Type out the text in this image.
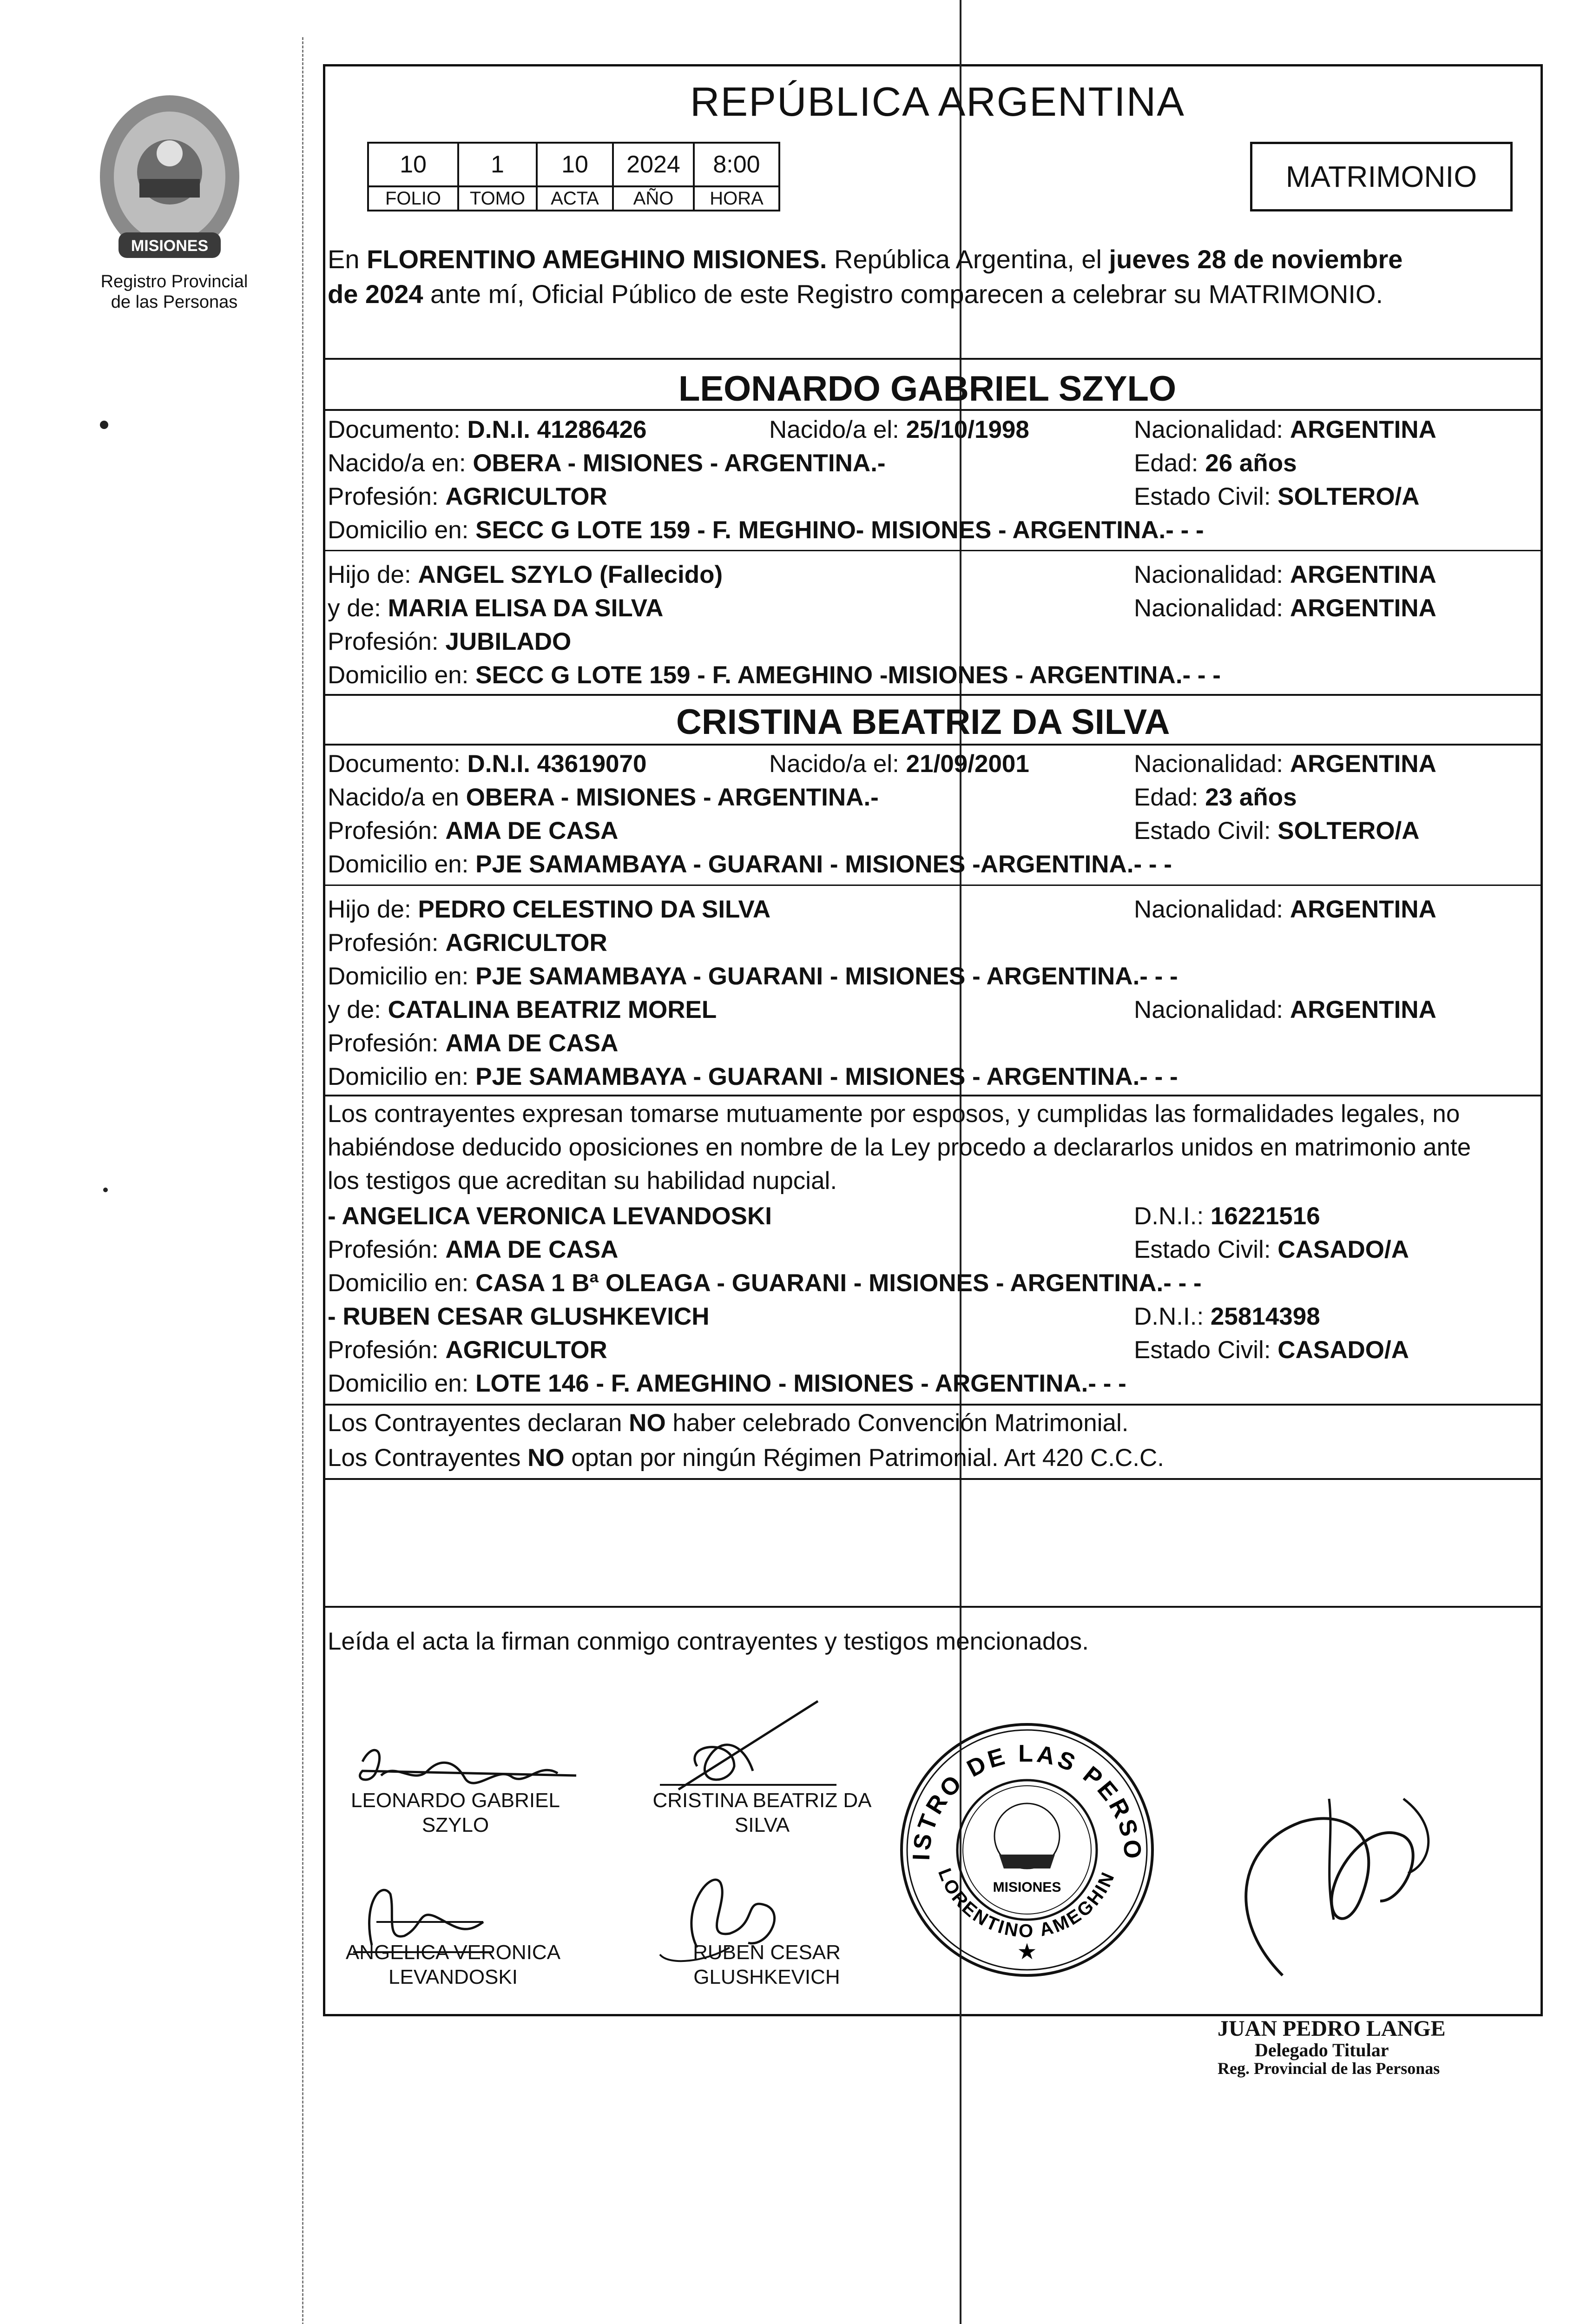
MISIONES
Registro Provincial
de las Personas
REPÚBLICA ARGENTINA
10	1	10	2024	8:00
FOLIO	TOMO	ACTA	AÑO	HORA
MATRIMONIO
En FLORENTINO AMEGHINO MISIONES. República Argentina, el jueves 28 de noviembre
de 2024 ante mí, Oficial Público de este Registro comparecen a celebrar su MATRIMONIO.
LEONARDO GABRIEL SZYLO
Documento: D.N.I. 41286426	Nacido/a el: 25/10/1998	Nacionalidad: ARGENTINA
Nacido/a en: OBERA - MISIONES - ARGENTINA.-	Edad: 26 años
Profesión: AGRICULTOR	Estado Civil: SOLTERO/A
Domicilio en: SECC G LOTE 159 - F. MEGHINO- MISIONES - ARGENTINA.- - -
Hijo de: ANGEL SZYLO (Fallecido)	Nacionalidad: ARGENTINA
y de: MARIA ELISA DA SILVA	Nacionalidad: ARGENTINA
Profesión: JUBILADO
Domicilio en: SECC G LOTE 159 - F. AMEGHINO -MISIONES - ARGENTINA.- - -
CRISTINA BEATRIZ DA SILVA
Documento: D.N.I. 43619070	Nacido/a el: 21/09/2001	Nacionalidad: ARGENTINA
Nacido/a en OBERA - MISIONES - ARGENTINA.-	Edad: 23 años
Profesión: AMA DE CASA	Estado Civil: SOLTERO/A
Domicilio en: PJE SAMAMBAYA - GUARANI - MISIONES -ARGENTINA.- - -
Hijo de: PEDRO CELESTINO DA SILVA	Nacionalidad: ARGENTINA
Profesión: AGRICULTOR
Domicilio en: PJE SAMAMBAYA - GUARANI - MISIONES - ARGENTINA.- - -
y de: CATALINA BEATRIZ MOREL	Nacionalidad: ARGENTINA
Profesión: AMA DE CASA
Domicilio en: PJE SAMAMBAYA - GUARANI - MISIONES - ARGENTINA.- - -
Los contrayentes expresan tomarse mutuamente por esposos, y cumplidas las formalidades legales, no
habiéndose deducido oposiciones en nombre de la Ley procedo a declararlos unidos en matrimonio ante
los testigos que acreditan su habilidad nupcial.
- ANGELICA VERONICA LEVANDOSKI	D.N.I.: 16221516
Profesión: AMA DE CASA	Estado Civil: CASADO/A
Domicilio en: CASA 1 Bª OLEAGA - GUARANI - MISIONES - ARGENTINA.- - -
- RUBEN CESAR GLUSHKEVICH	D.N.I.: 25814398
Profesión: AGRICULTOR	Estado Civil: CASADO/A
Domicilio en: LOTE 146 - F. AMEGHINO - MISIONES - ARGENTINA.- - -
Los Contrayentes declaran NO haber celebrado Convención Matrimonial.
Los Contrayentes NO optan por ningún Régimen Patrimonial. Art 420 C.C.C.
Leída el acta la firman conmigo contrayentes y testigos mencionados.
LEONARDO GABRIEL
SZYLO
CRISTINA BEATRIZ DA
SILVA
ANGELICA VERONICA
LEVANDOSKI
RUBEN CESAR
GLUSHKEVICH
MISIONES
ISTRO DE LAS PERSO
LORENTINO AMEGHIN
★
JUAN PEDRO LANGE
Delegado Titular
Reg. Provincial de las Personas
